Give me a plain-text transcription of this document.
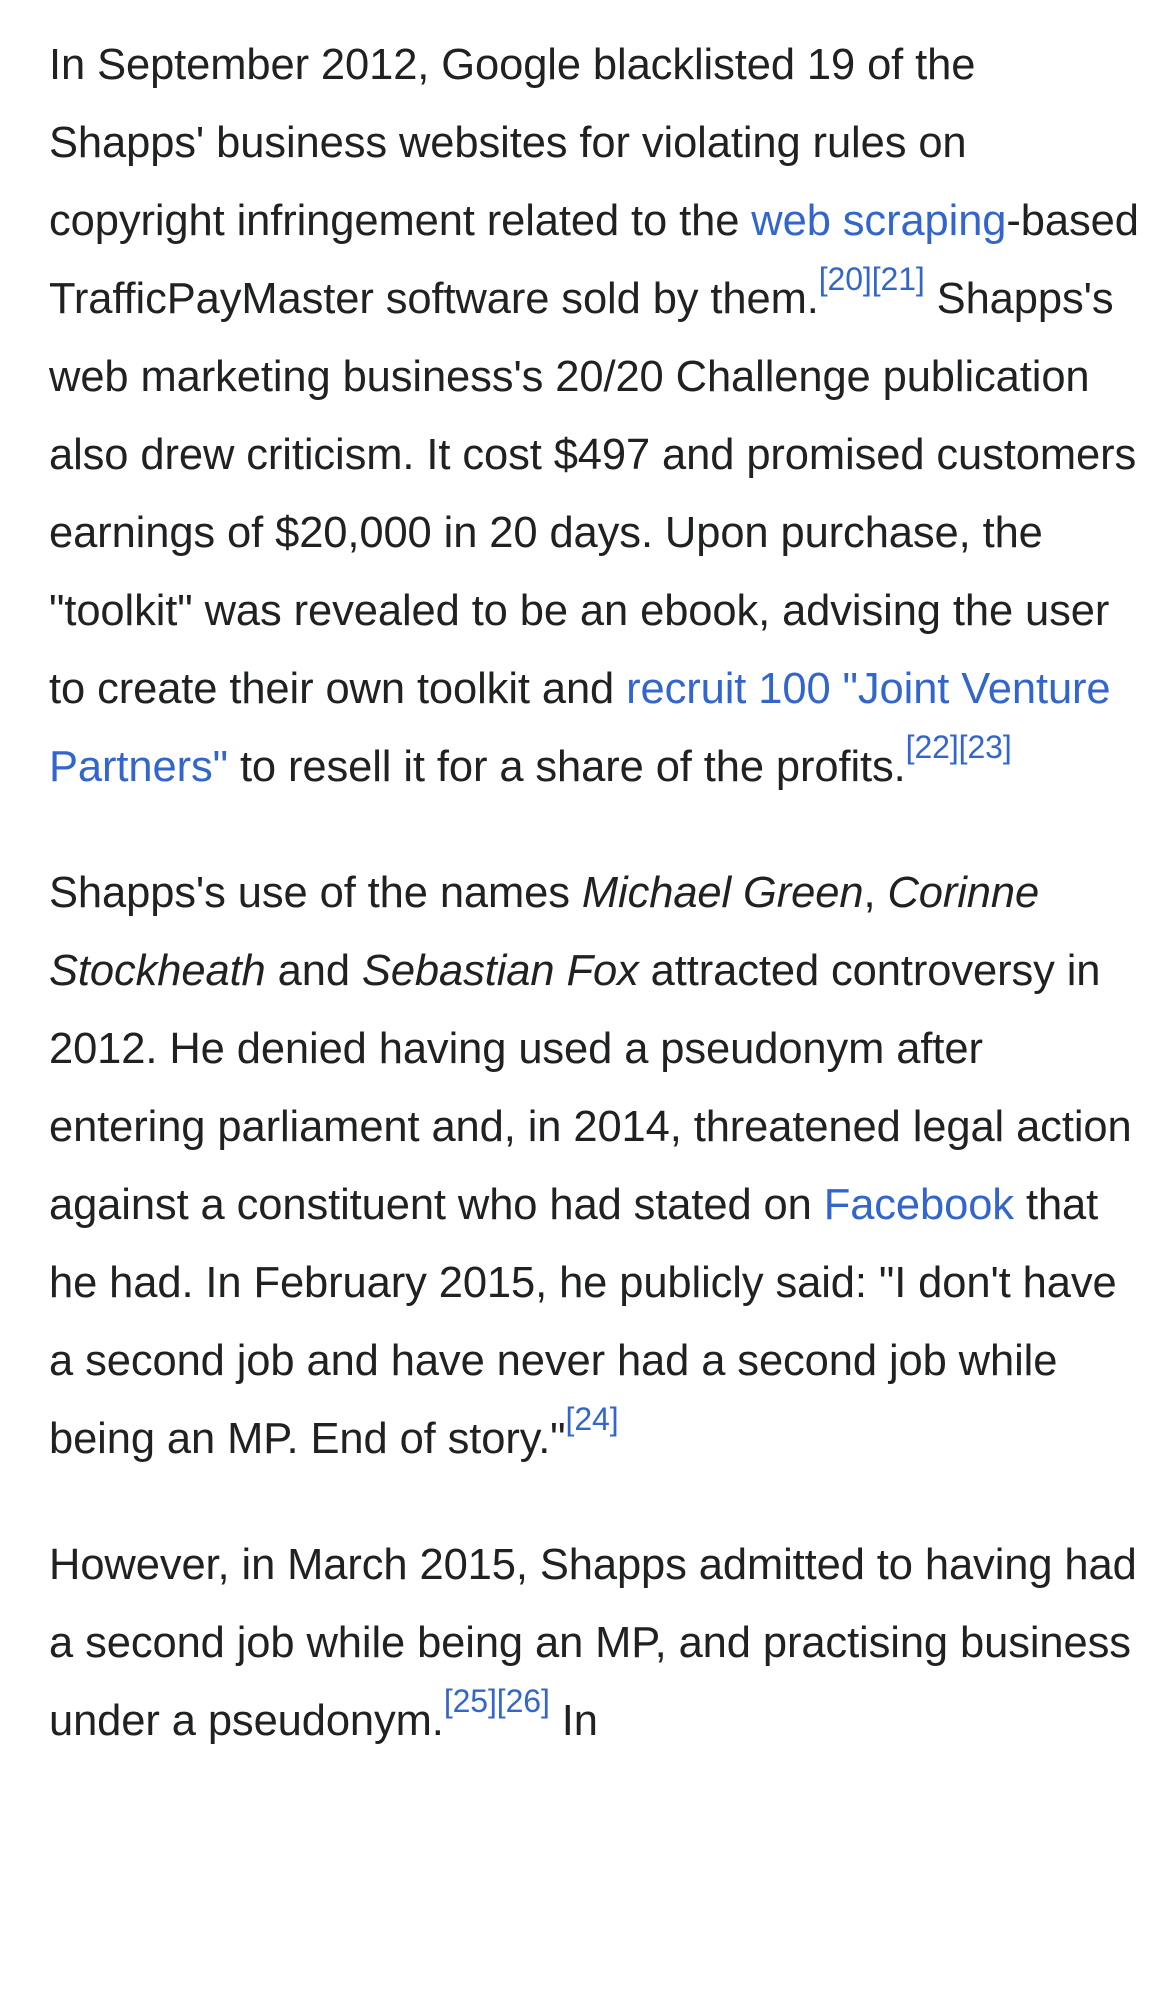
In September 2012, Google blacklisted 19 of the Shapps' business websites for violating rules on copyright infringement related to the web scraping-based TrafficPayMaster software sold by them.[20][21] Shapps's web marketing business's 20/20 Challenge publication also drew criticism. It cost $497 and promised customers earnings of $20,000 in 20 days. Upon purchase, the "toolkit" was revealed to be an ebook, advising the user to create their own toolkit and recruit 100 "Joint Venture Partners" to resell it for a share of the profits.[22][23]

Shapps's use of the names Michael Green, Corinne Stockheath and Sebastian Fox attracted controversy in 2012. He denied having used a pseudonym after entering parliament and, in 2014, threatened legal action against a constituent who had stated on Facebook that he had. In February 2015, he publicly said: "I don't have a second job and have never had a second job while being an MP. End of story."[24]

However, in March 2015, Shapps admitted to having had a second job while being an MP, and practising business under a pseudonym.[25][26] In
